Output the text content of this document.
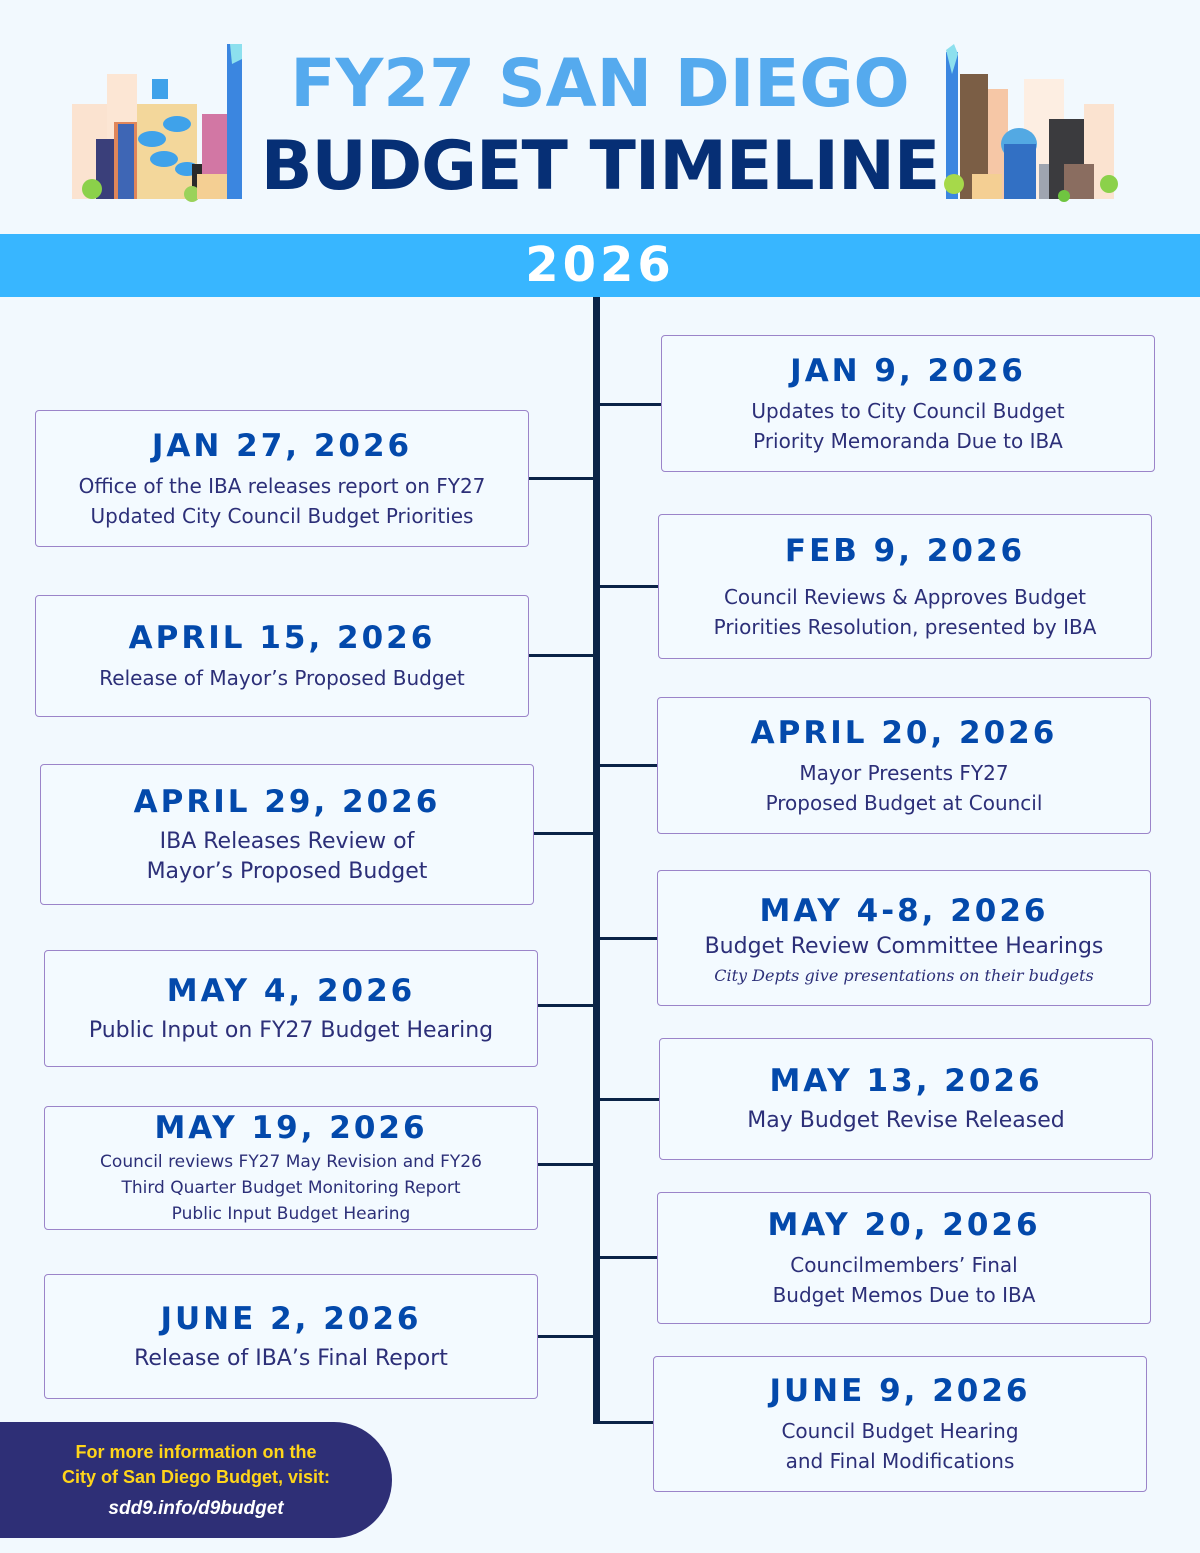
FY27 SAN DIEGO
BUDGET TIMELINE
2026
JAN 27, 2026
Office of the IBA releases report on FY27
Updated City Council Budget Priorities
APRIL 15, 2026
Release of Mayor’s Proposed Budget
APRIL 29, 2026
IBA Releases Review of
Mayor’s Proposed Budget
MAY 4, 2026
Public Input on FY27 Budget Hearing
MAY 19, 2026
Council reviews FY27 May Revision and FY26
Third Quarter Budget Monitoring Report
Public Input Budget Hearing
JUNE 2, 2026
Release of IBA’s Final Report
JAN 9, 2026
Updates to City Council Budget
Priority Memoranda Due to IBA
FEB 9, 2026
Council Reviews & Approves Budget
Priorities Resolution, presented by IBA
APRIL 20, 2026
Mayor Presents FY27
Proposed Budget at Council
MAY 4-8, 2026
Budget Review Committee Hearings
City Depts give presentations on their budgets
MAY 13, 2026
May Budget Revise Released
MAY 20, 2026
Councilmembers’ Final
Budget Memos Due to IBA
JUNE 9, 2026
Council Budget Hearing
and Final Modifications
For more information on the
City of San Diego Budget, visit:
sdd9.info/d9budget
